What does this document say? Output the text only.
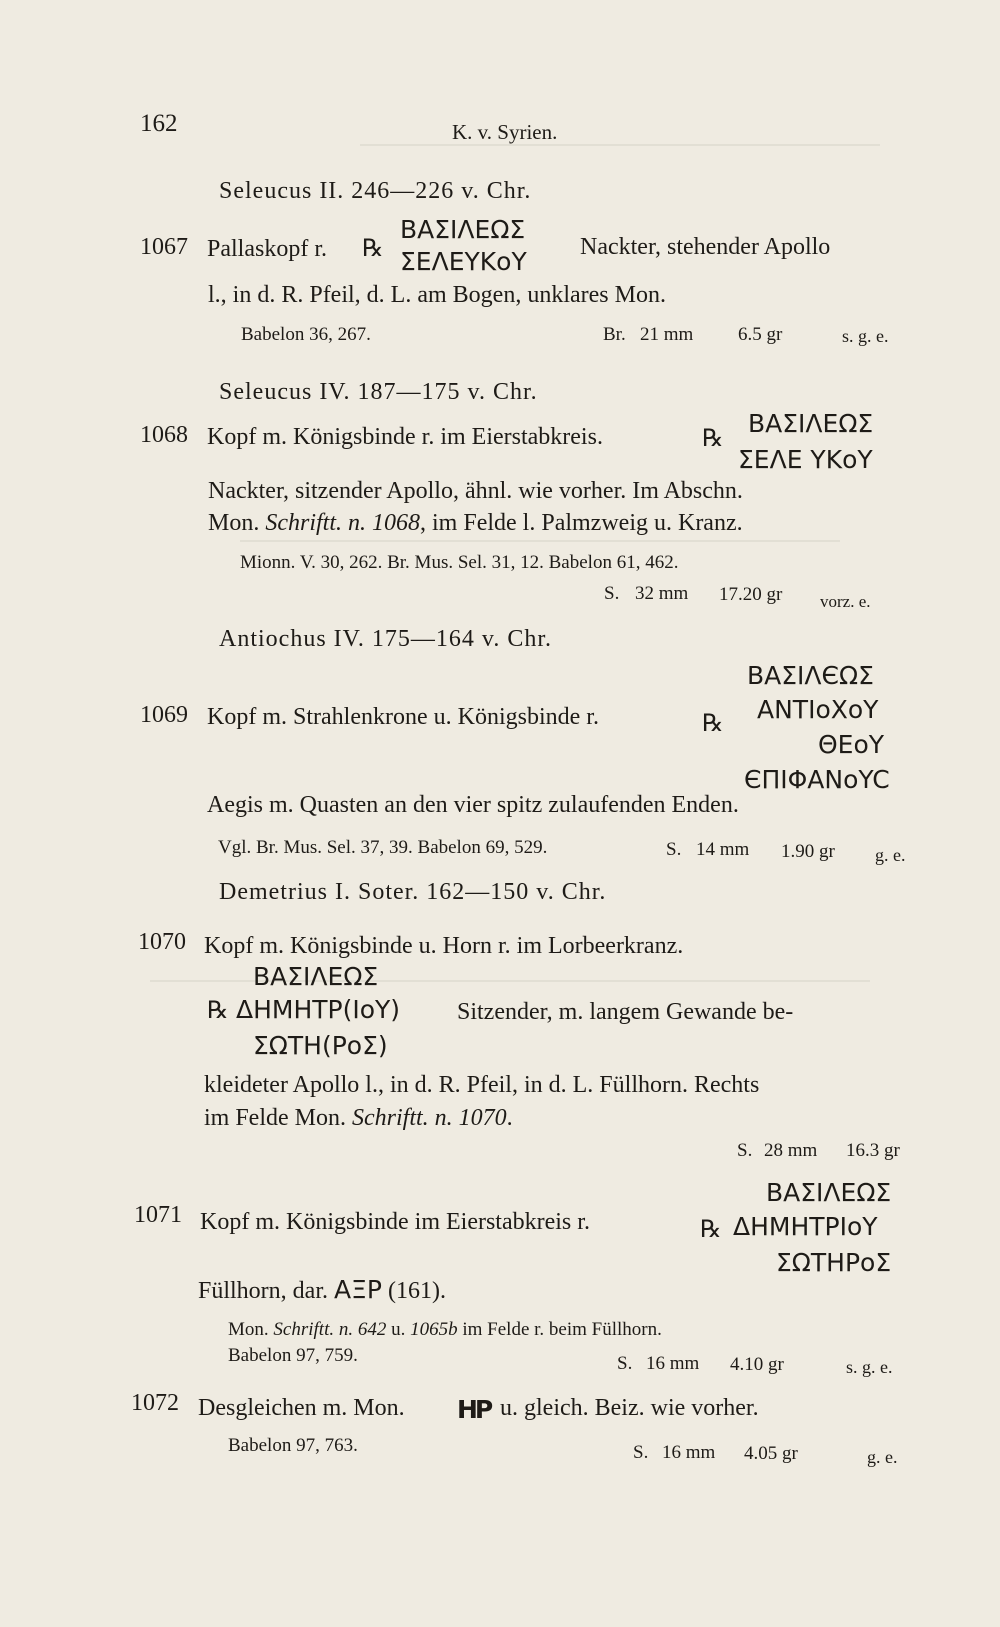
162	K. v. Syrien.
Seleucus II. 246—226 v. Chr.
1067 Pallaskopf r. ℞
ΒΑΣΙΛΕΩΣ
ΣΕΛΕΥΚoY Nackter, stehender Apollo
l., in d. R. Pfeil, d. L. am Bogen, unklares Mon.
Babelon 36, 267.	Br. 21 mm 6.5 gr	s. g. e.
Seleucus IV. 187—175 v. Chr.
1068 Kopf m. Königsbinde r. im Eierstabkreis.	℞
ΒΑΣΙΛΕΩΣ
ΣΕΛΕ ΥΚoY
Nackter, sitzender Apollo, ähnl. wie vorher. Im Abschn.
Mon. Schriftt. n. 1068, im Felde l. Palmzweig u. Kranz.
Mionn. V. 30, 262. Br. Mus. Sel. 31, 12. Babelon 61, 462.
S. 32 mm 17.20 gr vorz. e.
Antiochus IV. 175—164 v. Chr.
ΒΑΣΙΛЄΩΣ
1069 Kopf m. Strahlenkrone u. Königsbinde r.	℞ ΑΝΤΙoΧoY
ΘΕoY
ЄΠΙΦΑΝoYC
Aegis m. Quasten an den vier spitz zulaufenden Enden.
Vgl. Br. Mus. Sel. 37, 39. Babelon 69, 529.	S. 14 mm 1.90 gr g. e.
Demetrius I. Soter. 162—150 v. Chr.
1070 Kopf m. Königsbinde u. Horn r. im Lorbeerkranz.
ΒΑΣΙΛΕΩΣ
℞ ΔΗΜΗΤΡ(ΙoY)
ΣΩΤΗ(ΡoΣ)
Sitzender, m. langem Gewande be-
kleideter Apollo l., in d. R. Pfeil, in d. L. Füllhorn. Rechts
im Felde Mon. Schriftt. n. 1070.
S. 28 mm 16.3 gr
ΒΑΣΙΛΕΩΣ
1071 Kopf m. Königsbinde im Eierstabkreis r.	℞ ΔΗΜΗΤΡΙoY
ΣΩΤΗΡoΣ
Füllhorn, dar. ΑΞΡ (161).
Mon. Schriftt. n. 642 u. 1065b im Felde r. beim Füllhorn.
Babelon 97, 759.	S. 16 mm 4.10 gr	s. g. e.
1072 Desgleichen m. Mon. HP u. gleich. Beiz. wie vorher.
Babelon 97, 763.	S. 16 mm 4.05 gr	g. e.
